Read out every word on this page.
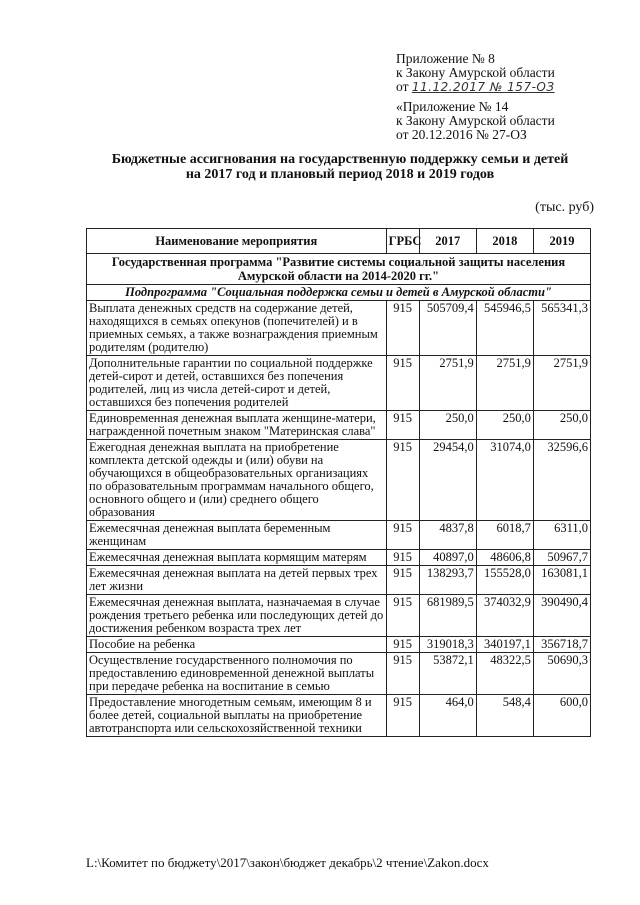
Приложение № 8
к Закону Амурской области
от 11.12.2017 № 157-ОЗ
«Приложение № 14
к Закону Амурской области
от 20.12.2016 № 27-ОЗ
Бюджетные ассигнования на государственную поддержку семьи и детей
на 2017 год и плановый период 2018 и 2019 годов
(тыс. руб)
Наименование мероприятия	ГРБС	2017	2018	2019
Государственная программа "Развитие системы социальной защиты населения Амурской области на 2014-2020 гг."				
Подпрограмма "Социальная поддержка семьи и детей в Амурской области"				
Выплата денежных средств на содержание детей, находящихся в семьях опекунов (попечителей) и в приемных семьях, а также вознаграждения приемным родителям (родителю)	915	505709,4	545946,5	565341,3
Дополнительные гарантии по социальной поддержке детей-сирот и детей, оставшихся без попечения родителей, лиц из числа детей-сирот и детей, оставшихся без попечения родителей	915	2751,9	2751,9	2751,9
Единовременная денежная выплата женщине-матери, награжденной почетным знаком "Материнская слава"	915	250,0	250,0	250,0
Ежегодная денежная выплата на приобретение комплекта детской одежды и (или) обуви на обучающихся в общеобразовательных организациях по образовательным программам начального общего, основного общего и (или) среднего общего образования	915	29454,0	31074,0	32596,6
Ежемесячная денежная выплата беременным женщинам	915	4837,8	6018,7	6311,0
Ежемесячная денежная выплата кормящим матерям	915	40897,0	48606,8	50967,7
Ежемесячная денежная выплата на детей первых трех лет жизни	915	138293,7	155528,0	163081,1
Ежемесячная денежная выплата, назначаемая в случае рождения третьего ребенка или последующих детей до достижения ребенком возраста трех лет	915	681989,5	374032,9	390490,4
Пособие на ребенка	915	319018,3	340197,1	356718,7
Осуществление государственного полномочия по предоставлению единовременной денежной выплаты при передаче ребенка на воспитание в семью	915	53872,1	48322,5	50690,3
Предоставление многодетным семьям, имеющим 8 и более детей, социальной выплаты на приобретение автотранспорта или сельскохозяйственной техники	915	464,0	548,4	600,0
L:\Комитет по бюджету\2017\закон\бюджет декабрь\2 чтение\Zakon.docx
